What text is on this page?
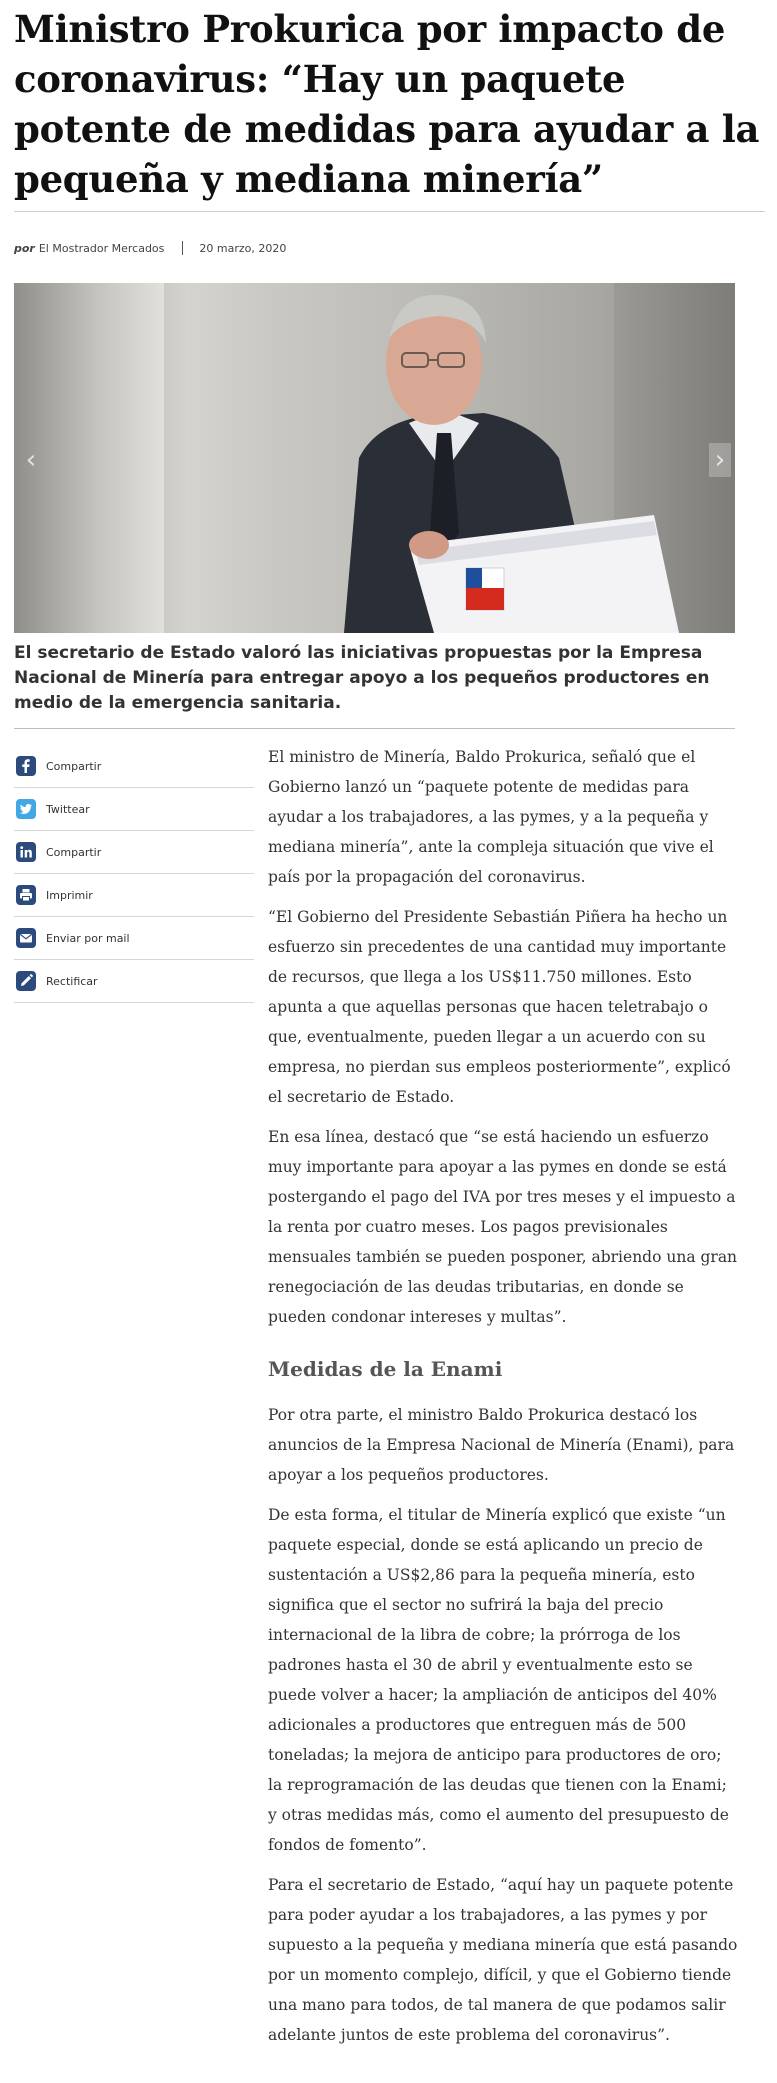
Ministro Prokurica por impacto de coronavirus: “Hay un paquete potente de medidas para ayudar a la pequeña y mediana minería”
por El Mostrador Mercados	20 marzo, 2020
‹	›

El secretario de Estado valoró las iniciativas propuestas por la Empresa Nacional de Minería para entregar apoyo a los pequeños productores en medio de la emergencia sanitaria.

Compartir
Twittear
Compartir
Imprimir
Enviar por mail
Rectificar

El ministro de Minería, Baldo Prokurica, señaló que el Gobierno lanzó un “paquete potente de medidas para ayudar a los trabajadores, a las pymes, y a la pequeña y mediana minería”, ante la compleja situación que vive el país por la propagación del coronavirus.

“El Gobierno del Presidente Sebastián Piñera ha hecho un esfuerzo sin precedentes de una cantidad muy importante de recursos, que llega a los US$11.750 millones. Esto apunta a que aquellas personas que hacen teletrabajo o que, eventualmente, pueden llegar a un acuerdo con su empresa, no pierdan sus empleos posteriormente”, explicó el secretario de Estado.

En esa línea, destacó que “se está haciendo un esfuerzo muy importante para apoyar a las pymes en donde se está postergando el pago del IVA por tres meses y el impuesto a la renta por cuatro meses. Los pagos previsionales mensuales también se pueden posponer, abriendo una gran renegociación de las deudas tributarias, en donde se pueden condonar intereses y multas”.

Medidas de la Enami

Por otra parte, el ministro Baldo Prokurica destacó los anuncios de la Empresa Nacional de Minería (Enami), para apoyar a los pequeños productores.

De esta forma, el titular de Minería explicó que existe “un paquete especial, donde se está aplicando un precio de sustentación a US$2,86 para la pequeña minería, esto significa que el sector no sufrirá la baja del precio internacional de la libra de cobre; la prórroga de los padrones hasta el 30 de abril y eventualmente esto se puede volver a hacer; la ampliación de anticipos del 40% adicionales a productores que entreguen más de 500 toneladas; la mejora de anticipo para productores de oro; la reprogramación de las deudas que tienen con la Enami; y otras medidas más, como el aumento del presupuesto de fondos de fomento”.

Para el secretario de Estado, “aquí hay un paquete potente para poder ayudar a los trabajadores, a las pymes y por supuesto a la pequeña y mediana minería que está pasando por un momento complejo, difícil, y que el Gobierno tiende una mano para todos, de tal manera de que podamos salir adelante juntos de este problema del coronavirus”.
